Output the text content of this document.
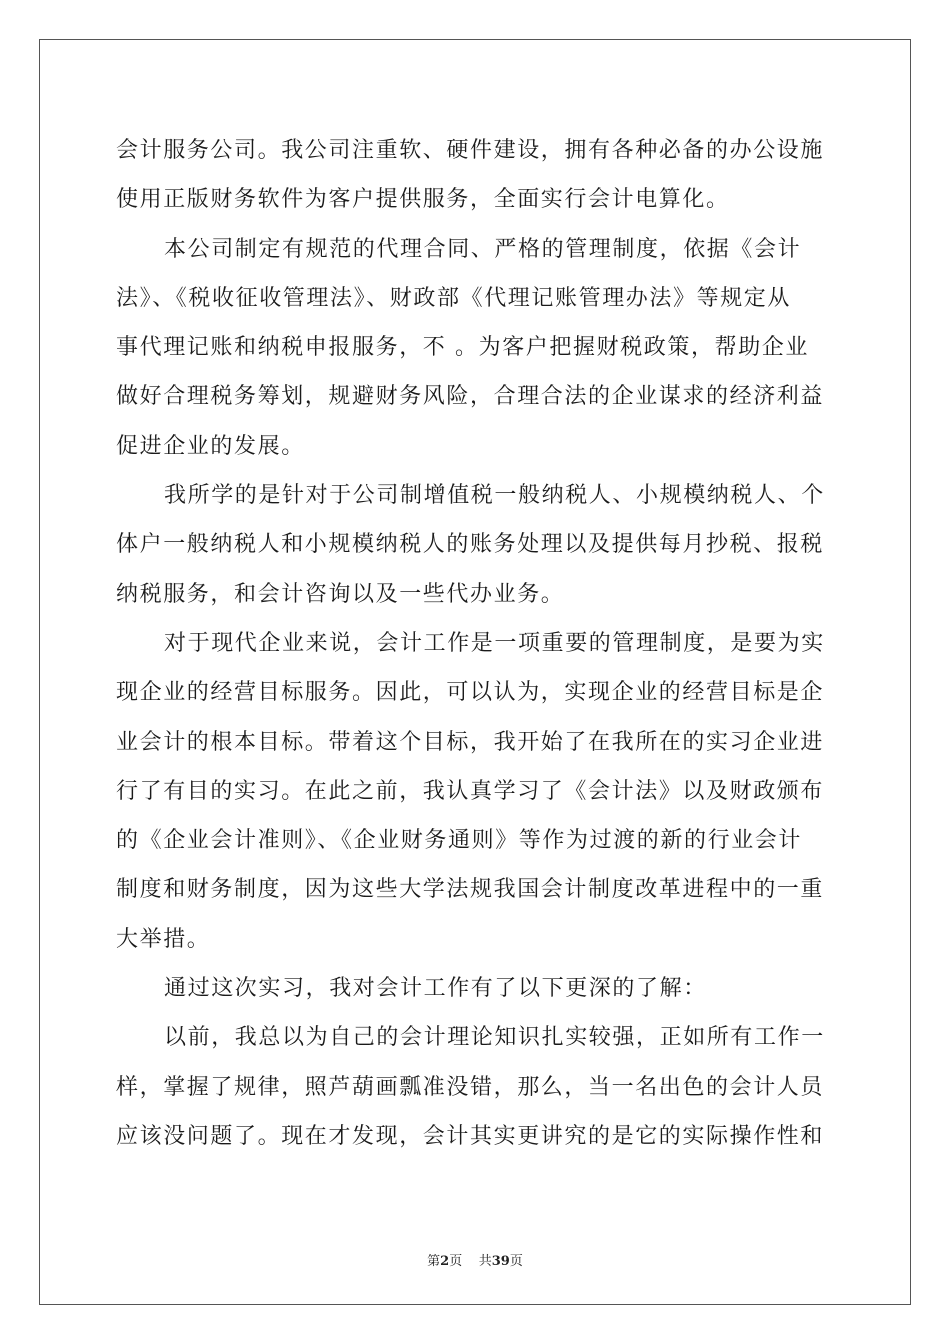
会计服务公司。我公司注重软、硬件建设，拥有各种必备的办公设施
使用正版财务软件为客户提供服务，全面实行会计电算化。
本公司制定有规范的代理合同、严格的管理制度，依据《会计
法》、《税收征收管理法》、财政部《代理记账管理办法》等规定从
事代理记账和纳税申报服务，不 。为客户把握财税政策，帮助企业
做好合理税务筹划，规避财务风险，合理合法的企业谋求的经济利益
促进企业的发展。
我所学的是针对于公司制增值税一般纳税人、小规模纳税人、个
体户一般纳税人和小规模纳税人的账务处理以及提供每月抄税、报税
纳税服务，和会计咨询以及一些代办业务。
对于现代企业来说，会计工作是一项重要的管理制度，是要为实
现企业的经营目标服务。因此，可以认为，实现企业的经营目标是企
业会计的根本目标。带着这个目标，我开始了在我所在的实习企业进
行了有目的实习。在此之前，我认真学习了《会计法》以及财政颁布
的《企业会计准则》、《企业财务通则》等作为过渡的新的行业会计
制度和财务制度，因为这些大学法规我国会计制度改革进程中的一重
大举措。
通过这次实习，我对会计工作有了以下更深的了解：
以前，我总以为自己的会计理论知识扎实较强，正如所有工作一
样，掌握了规律，照芦葫画瓢准没错，那么，当一名出色的会计人员
应该没问题了。现在才发现，会计其实更讲究的是它的实际操作性和
第2页 共39页
